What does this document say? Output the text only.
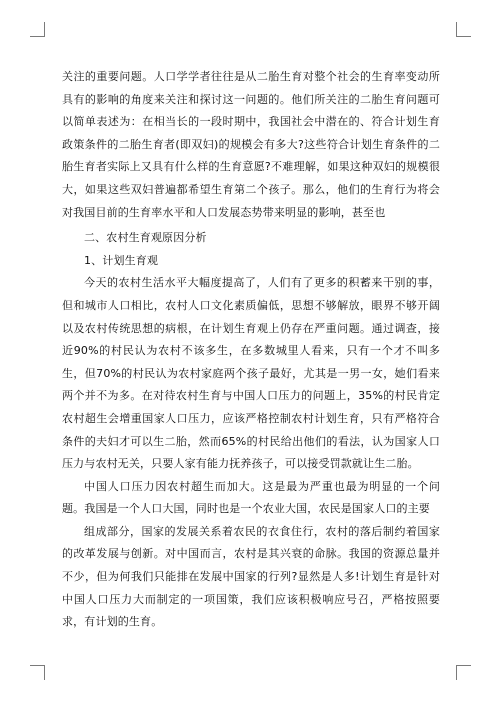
关注的重要问题。人口学学者往往是从二胎生育对整个社会的生育率变动所具有的影响的角度来关注和探讨这一问题的。他们所关注的二胎生育问题可以简单表述为：在相当长的一段时期中，我国社会中潜在的、符合计划生育政策条件的二胎生育者(即双妇)的规模会有多大?这些符合计划生育条件的二胎生育者实际上又具有什么样的生育意愿?不难理解，如果这种双妇的规模很大，如果这些双妇普遍都希望生育第二个孩子。那么，他们的生育行为将会对我国目前的生育率水平和人口发展态势带来明显的影响，甚至也

二、农村生育观原因分析

1、计划生育观

今天的农村生活水平大幅度提高了，人们有了更多的积蓄来干别的事，但和城市人口相比，农村人口文化素质偏低，思想不够解放，眼界不够开阔以及农村传统思想的病根，在计划生育观上仍存在严重问题。通过调查，接近90%的村民认为农村不该多生，在多数城里人看来，只有一个才不叫多生，但70%的村民认为农村家庭两个孩子最好，尤其是一男一女，她们看来两个并不为多。在对待农村生育与中国人口压力的问题上，35%的村民肯定农村超生会增重国家人口压力，应该严格控制农村计划生育，只有严格符合条件的夫妇才可以生二胎，然而65%的村民给出他们的看法，认为国家人口压力与农村无关，只要人家有能力抚养孩子，可以接受罚款就让生二胎。

中国人口压力因农村超生而加大。这是最为严重也最为明显的一个问题。我国是一个人口大国，同时也是一个农业大国，农民是国家人口的主要

组成部分，国家的发展关系着农民的衣食住行，农村的落后制约着国家的改革发展与创新。对中国而言，农村是其兴衰的命脉。我国的资源总量并不少，但为何我们只能排在发展中国家的行列?显然是人多!计划生育是针对中国人口压力大而制定的一项国策，我们应该积极响应号召，严格按照要求，有计划的生育。
